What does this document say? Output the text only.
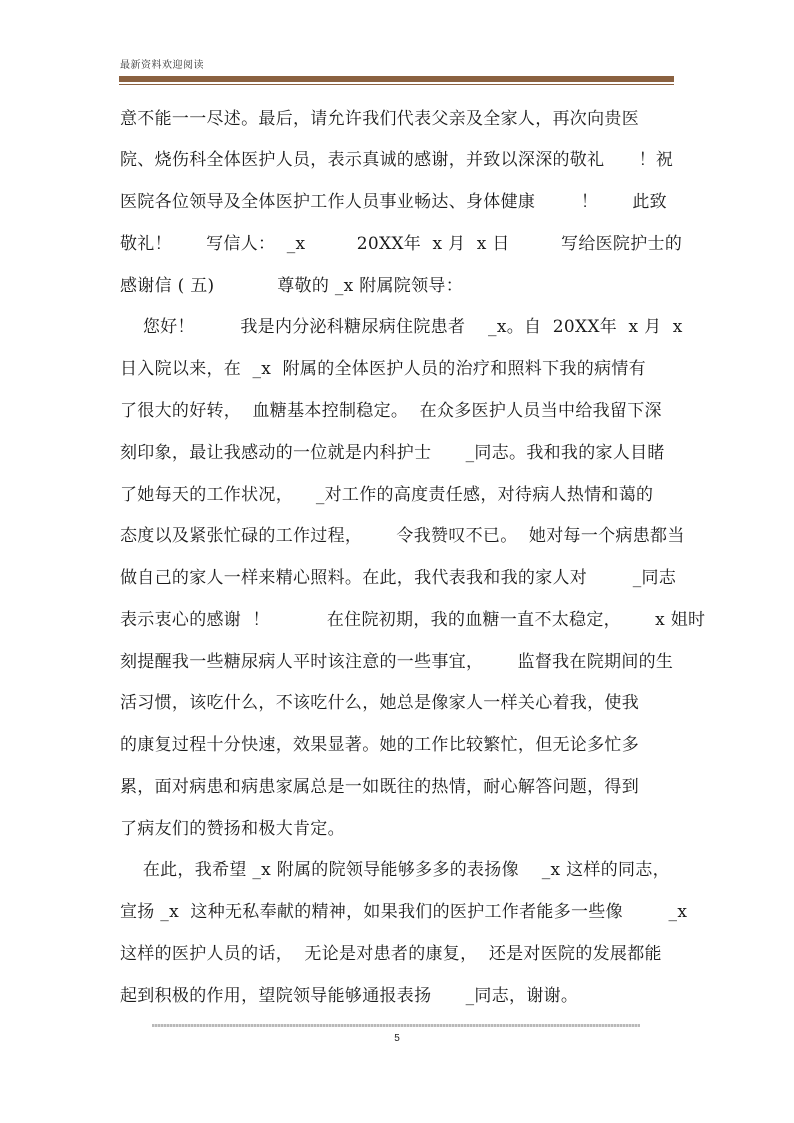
最新资料欢迎阅读
意不能一一尽述。最后，请允许我们代表父亲及全家人，再次向贵医
院、烧伤科全体医护人员，表示真诚的感谢，并致以深深的敬礼      ！祝
医院各位领导及全体医护工作人员事业畅达、身体健康        ！      此致
敬礼！      写信人：  _x         20XX年  x 月  x 日         写给医院护士的
感谢信 ( 五)           尊敬的 _x 附属院领导：
您好！        我是内分泌科糖尿病住院患者    _x。自  20XX年  x 月  x
日入院以来，在  _x  附属的全体医护人员的治疗和照料下我的病情有
了很大的好转，  血糖基本控制稳定。  在众多医护人员当中给我留下深
刻印象，最让我感动的一位就是内科护士      _同志。我和我的家人目睹
了她每天的工作状况，    _对工作的高度责任感，对待病人热情和蔼的
态度以及紧张忙碌的工作过程，      令我赞叹不已。  她对每一个病患都当
做自己的家人一样来精心照料。在此，我代表我和我的家人对        _同志
表示衷心的感谢  ！          在住院初期，我的血糖一直不太稳定，      x 姐时
刻提醒我一些糖尿病人平时该注意的一些事宜，      监督我在院期间的生
活习惯，该吃什么，不该吃什么，她总是像家人一样关心着我，使我
的康复过程十分快速，效果显著。她的工作比较繁忙，但无论多忙多
累，面对病患和病患家属总是一如既往的热情，耐心解答问题，得到
了病友们的赞扬和极大肯定。
在此，我希望 _x 附属的院领导能够多多的表扬像    _x 这样的同志，
宣扬 _x  这种无私奉献的精神，如果我们的医护工作者能多一些像        _x
这样的医护人员的话，  无论是对患者的康复，  还是对医院的发展都能
起到积极的作用，望院领导能够通报表扬      _同志，谢谢。
5
